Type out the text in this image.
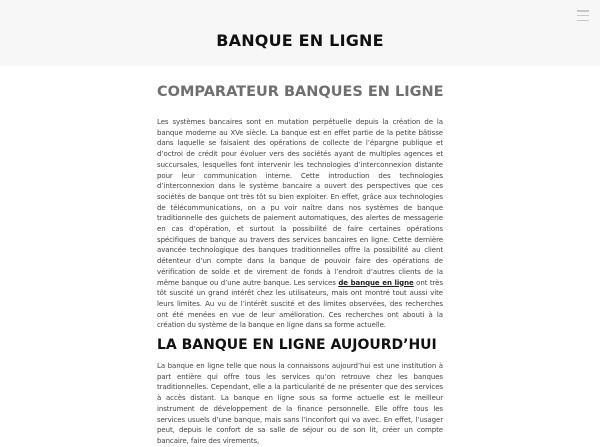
BANQUE EN LIGNE
COMPARATEUR BANQUES EN LIGNE

Les systèmes bancaires sont en mutation perpétuelle depuis la création de la banque moderne au XVe siècle. La banque est en effet partie de la petite bâtisse dans laquelle se faisaient des opérations de collecte de l’épargne publique et d’octroi de crédit pour évoluer vers des sociétés ayant de multiples agences et succursales, lesquelles font intervenir les technologies d’interconnexion distante pour leur communication interne. Cette introduction des technologies d’interconnexion dans le système bancaire a ouvert des perspectives que ces sociétés de banque ont très tôt su bien exploiter. En effet, grâce aux technologies de télécommunications, on a pu voir naître dans nos systèmes de banque traditionnelle des guichets de paiement automatiques, des alertes de messagerie en cas d’opération, et surtout la possibilité de faire certaines opérations spécifiques de banque au travers des services bancaires en ligne. Cette dernière avancée technologique des banques traditionnelles offre la possibilité au client détenteur d’un compte dans la banque de pouvoir faire des opérations de vérification de solde et de virement de fonds à l’endroit d’autres clients de la même banque ou d’une autre banque. Les services de banque en ligne ont très tôt suscité un grand intérêt chez les utilisateurs, mais ont montré tout aussi vite leurs limites. Au vu de l’intérêt suscité et des limites observées, des recherches ont été menées en vue de leur amélioration. Ces recherches ont abouti à la création du système de la banque en ligne dans sa forme actuelle.

LA BANQUE EN LIGNE AUJOURD’HUI

La banque en ligne telle que nous la connaissons aujourd’hui est une institution à part entière qui offre tous les services qu’on retrouve chez les banques traditionnelles. Cependant, elle a la particularité de ne présenter que des services à accès distant. La banque en ligne sous sa forme actuelle est le meilleur instrument de développement de la finance personnelle. Elle offre tous les services usuels d’une banque, mais sans l’inconfort qui va avec. En effet, l’usager peut, depuis le confort de sa salle de séjour ou de son lit, créer un compte bancaire, faire des virements,
